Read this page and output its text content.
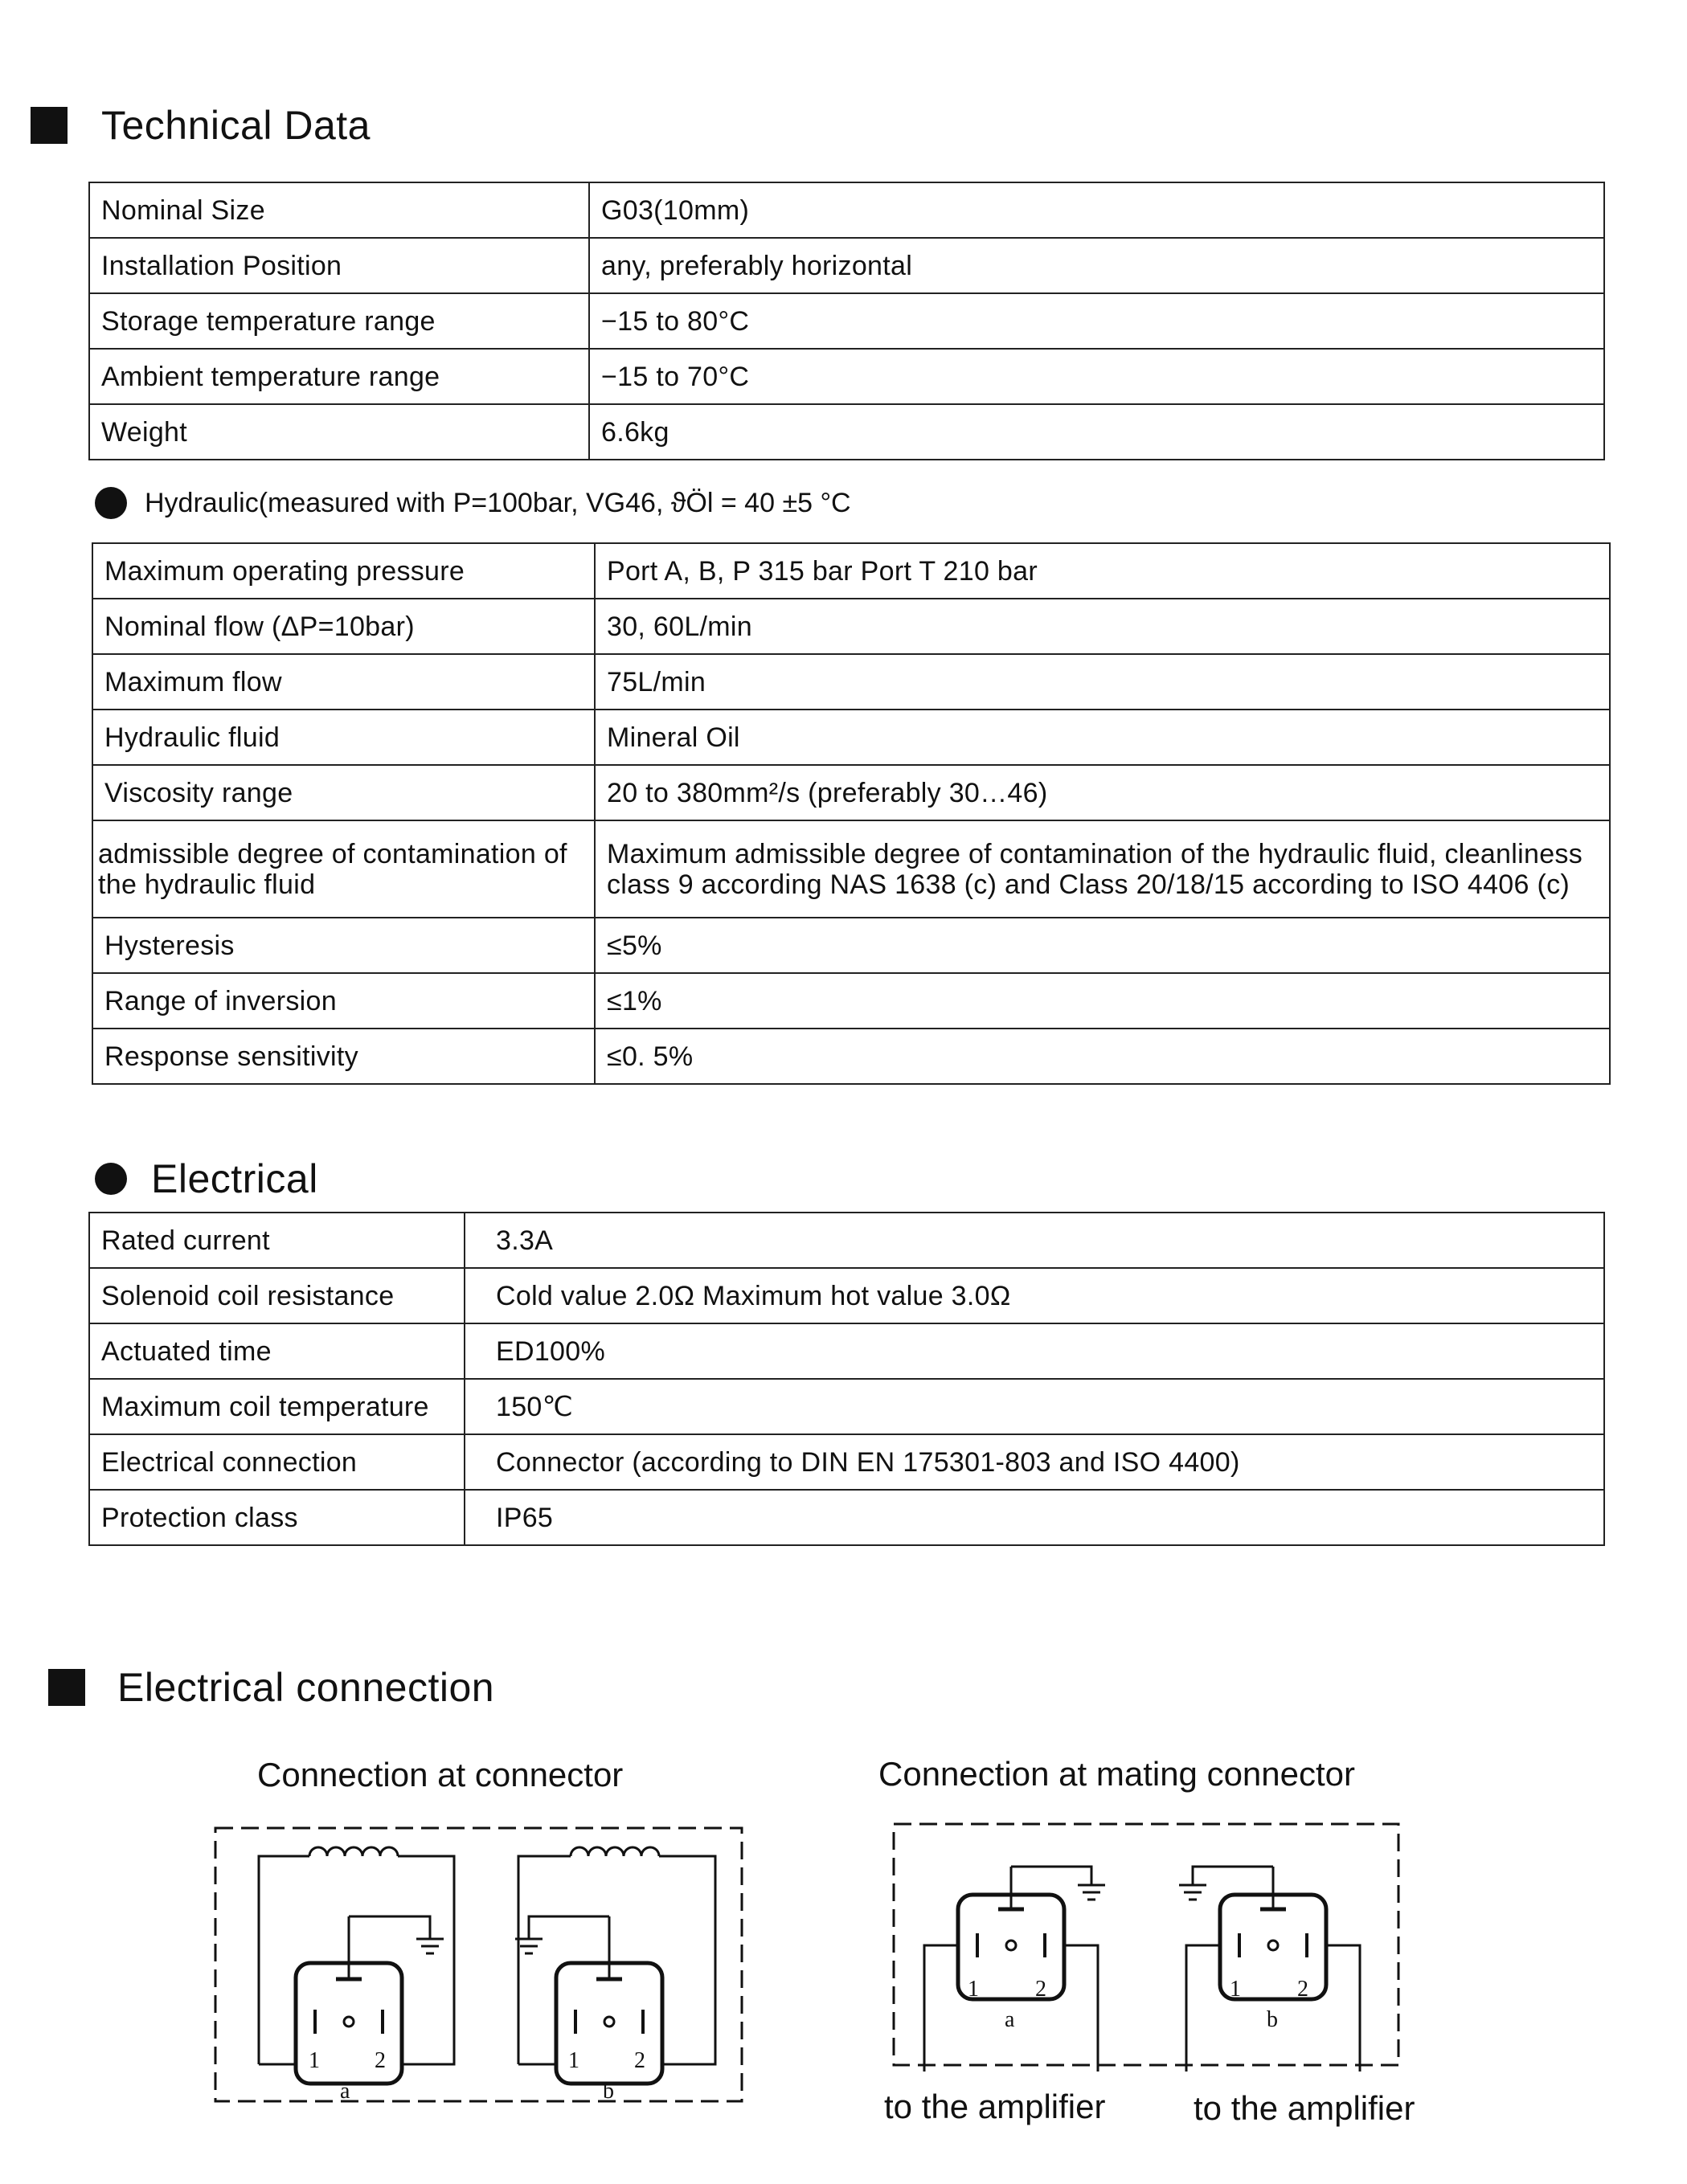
Technical Data
Nominal Size	G03(10mm)
Installation Position	any, preferably horizontal
Storage temperature range	−15 to 80°C
Ambient temperature range	−15 to 70°C
Weight	6.6kg
Hydraulic(measured with P=100bar, VG46, ϑÖl = 40 ±5 °C
Maximum operating pressure	Port A, B, P 315 bar Port T 210 bar
Nominal flow (ΔP=10bar)	30, 60L/min
Maximum flow	75L/min
Hydraulic fluid	Mineral Oil
Viscosity range	20 to 380mm²/s (preferably 30…46)
admissible degree of contamination of the hydraulic fluid	Maximum admissible degree of contamination of the hydraulic fluid, cleanliness class 9 according NAS 1638 (c) and Class 20/18/15 according to ISO 4406 (c)
Hysteresis	≤5%
Range of inversion	≤1%
Response sensitivity	≤0. 5%
Electrical
Rated current	3.3A
Solenoid coil resistance	Cold value 2.0Ω Maximum hot value 3.0Ω
Actuated time	ED100%
Maximum coil temperature	150℃
Electrical connection	Connector (according to DIN EN 175301-803 and ISO 4400)
Protection class	IP65
Electrical connection
Connection at connector	Connection at mating connector
1 2
a
1 2
b
1	2
a
1	2
b
to the amplifier	to the amplifier
